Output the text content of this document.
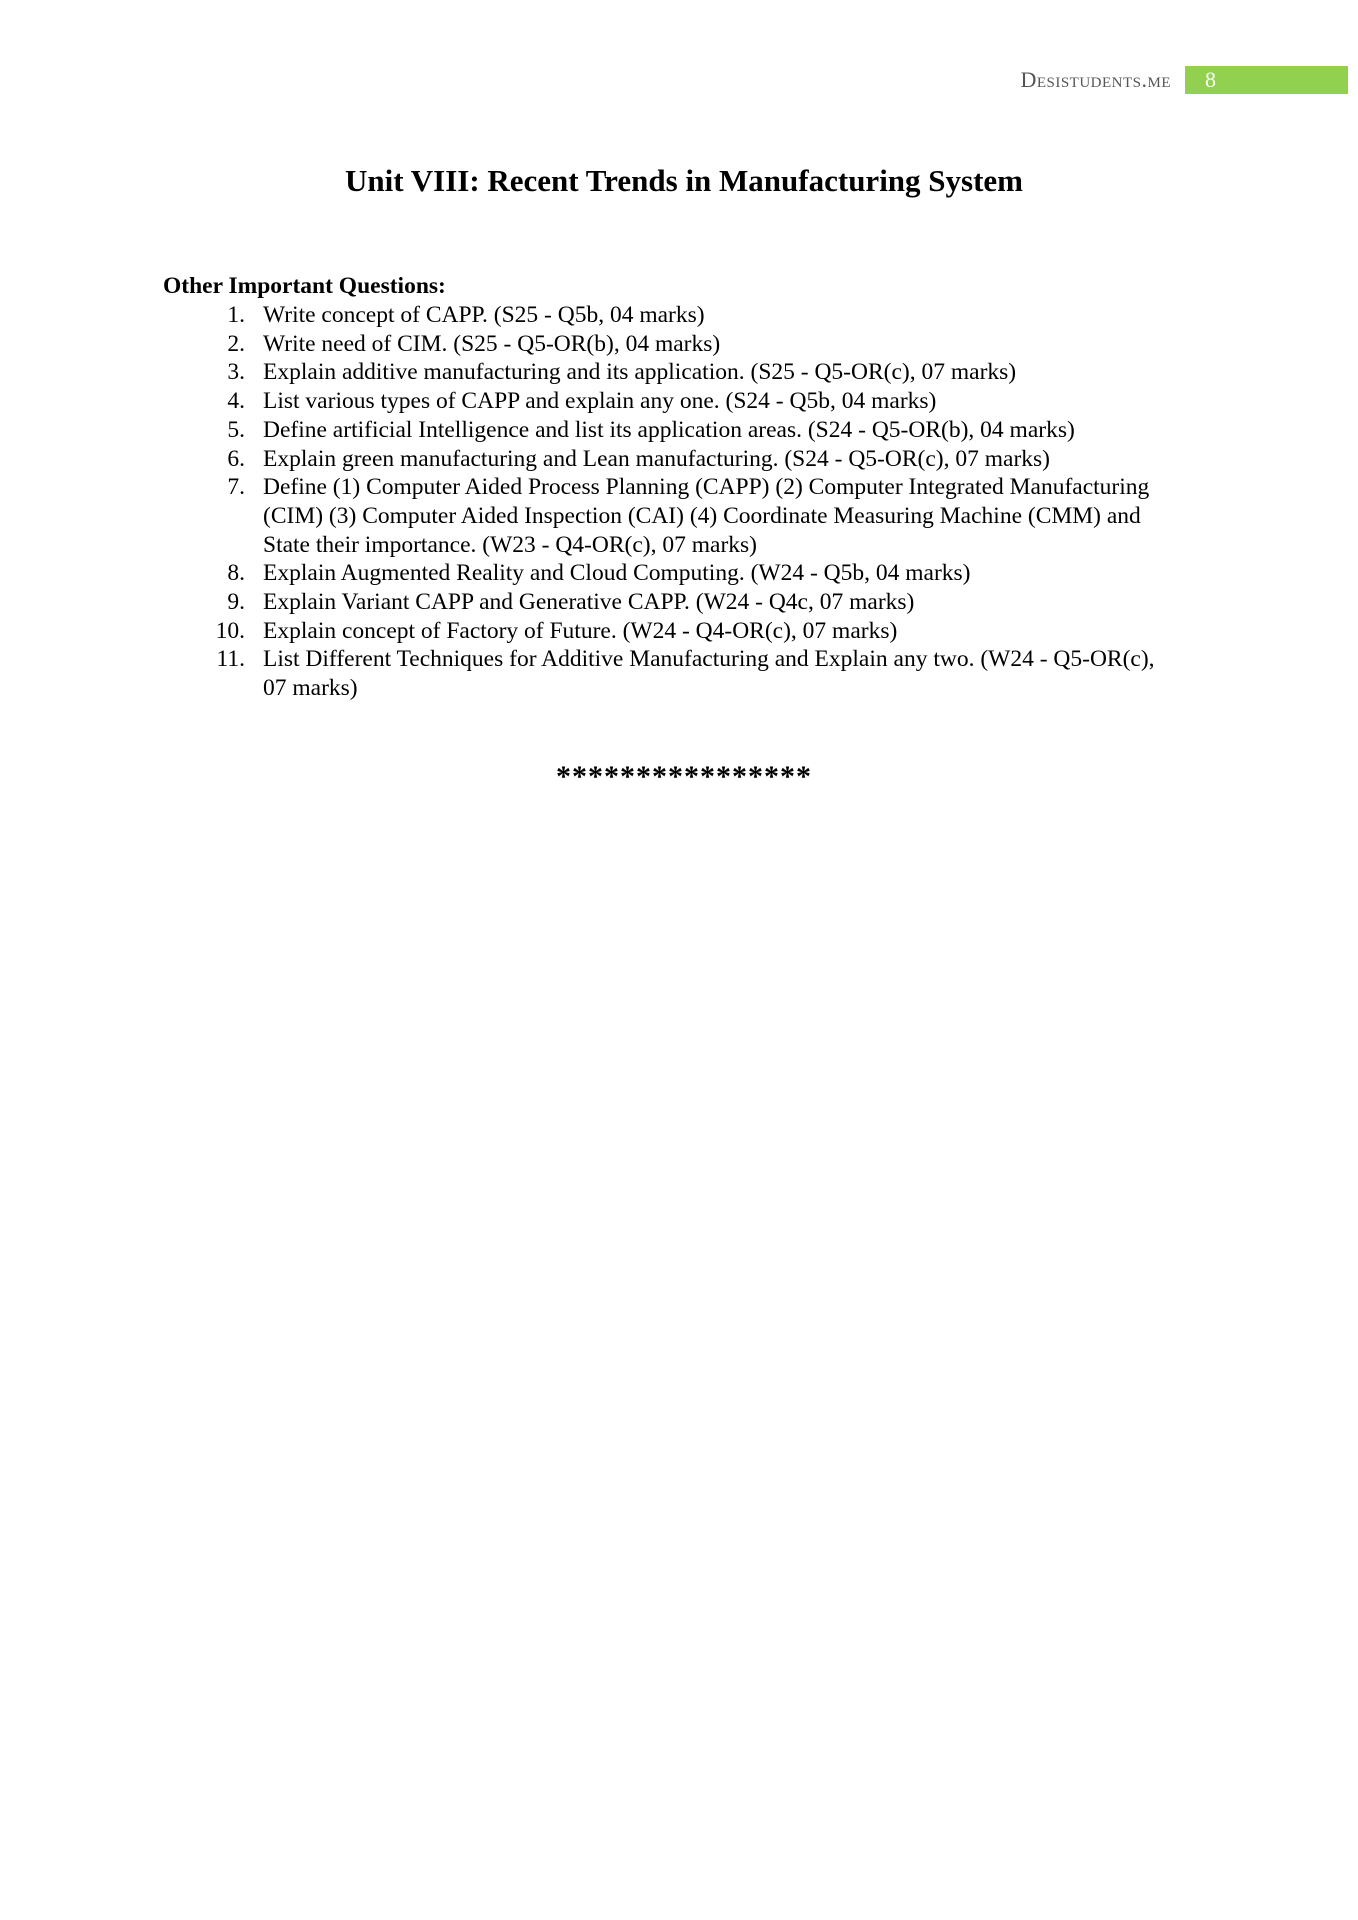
Desistudents.me	8
Unit VIII: Recent Trends in Manufacturing System
Other Important Questions:
1. Write concept of CAPP. (S25 - Q5b, 04 marks)
2. Write need of CIM. (S25 - Q5-OR(b), 04 marks)
3. Explain additive manufacturing and its application. (S25 - Q5-OR(c), 07 marks)
4. List various types of CAPP and explain any one. (S24 - Q5b, 04 marks)
5. Define artificial Intelligence and list its application areas. (S24 - Q5-OR(b), 04 marks)
6. Explain green manufacturing and Lean manufacturing. (S24 - Q5-OR(c), 07 marks)
7. Define (1) Computer Aided Process Planning (CAPP) (2) Computer Integrated Manufacturing (CIM) (3) Computer Aided Inspection (CAI) (4) Coordinate Measuring Machine (CMM) and State their importance. (W23 - Q4-OR(c), 07 marks)
8. Explain Augmented Reality and Cloud Computing. (W24 - Q5b, 04 marks)
9. Explain Variant CAPP and Generative CAPP. (W24 - Q4c, 07 marks)
10. Explain concept of Factory of Future. (W24 - Q4-OR(c), 07 marks)
11. List Different Techniques for Additive Manufacturing and Explain any two. (W24 - Q5-OR(c), 07 marks)
****************
